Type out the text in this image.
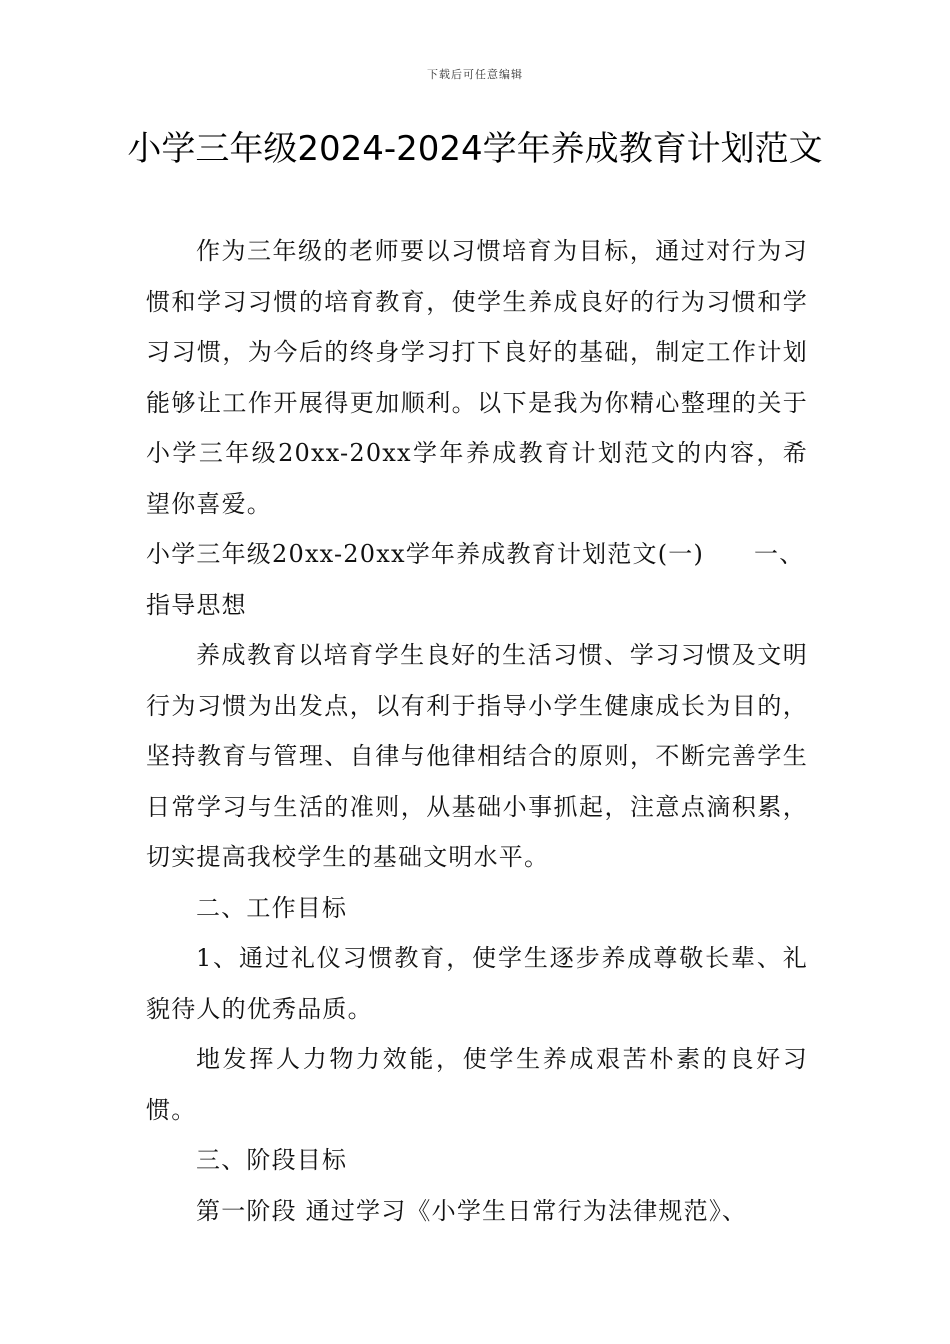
下载后可任意编辑
小学三年级2024-2024学年养成教育计划范文

作为三年级的老师要以习惯培育为目标，通过对行为习惯和学习习惯的培育教育，使学生养成良好的行为习惯和学习习惯，为今后的终身学习打下良好的基础，制定工作计划能够让工作开展得更加顺利。以下是我为你精心整理的关于小学三年级20xx-20xx学年养成教育计划范文的内容，希望你喜爱。

小学三年级20xx-20xx学年养成教育计划范文(一) 一、

指导思想

养成教育以培育学生良好的生活习惯、学习习惯及文明行为习惯为出发点，以有利于指导小学生健康成长为目的，坚持教育与管理、自律与他律相结合的原则，不断完善学生日常学习与生活的准则，从基础小事抓起，注意点滴积累，切实提高我校学生的基础文明水平。

二、工作目标

1、通过礼仪习惯教育，使学生逐步养成尊敬长辈、礼貌待人的优秀品质。

地发挥人力物力效能，使学生养成艰苦朴素的良好习惯。

三、阶段目标

第一阶段 通过学习《小学生日常行为法律规范》、
